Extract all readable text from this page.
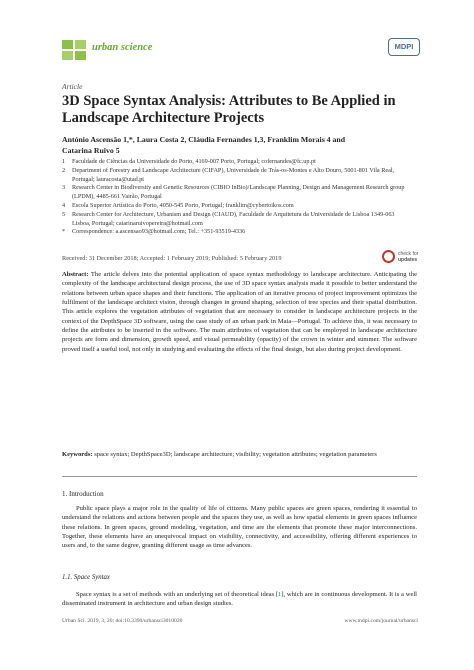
urban science	MDPI
Article
3D Space Syntax Analysis: Attributes to Be Applied in Landscape Architecture Projects
António Ascensão 1,*, Laura Costa 2, Cláudia Fernandes 1,3, Franklim Morais 4 and
Catarina Ruivo 5
1 Faculdade de Ciências da Universidade do Porto, 4169-007 Porto, Portugal; cofernandes@fc.up.pt
2 Department of Forestry and Landscape Architecture (CIFAP), Universidade de Trás-os-Montes e Alto Douro, 5001-801 Vila Real, Portugal; lauracosta@utad.pt
3 Research Center in Biodiversity and Genetic Resources (CIBIO InBio)/Landscape Planning, Design and Management Research group (LPDM), 4485-661 Vairão, Portugal
4 Escola Superior Artística do Porto, 4050-545 Porto, Portugal; franklim@cybertoikos.com
5 Research Center for Architecture, Urbanism and Design (CIAUD), Faculdade de Arquitetura da Universidade de Lisboa 1349-063 Lisboa, Portugal; catarinaruivopereira@hotmail.com
* Correspondence: a.ascensao93@hotmail.com; Tel.: +351-93519-4336
check for
updates
Received: 31 December 2018; Accepted: 1 February 2019; Published: 5 February 2019
Abstract: The article delves into the potential application of space syntax methodology to landscape architecture. Anticipating the complexity of the landscape architectural design process, the use of 3D space syntax analysis made it possible to better understand the relations between urban space shapes and their functions. The application of an iterative process of project improvement optimizes the fulfilment of the landscape architect vision, through changes in ground shaping, selection of tree species and their spatial distribution. This article explores the vegetation attributes of vegetation that are necessary to consider in landscape architecture projects in the context of the DepthSpace 3D software, using the case study of an urban park in Maia—Portugal. To achieve this, it was necessary to define the attributes to be inserted in the software. The main attributes of vegetation that can be employed in landscape architecture projects are form and dimension, growth speed, and visual permeability (opacity) of the crown in winter and summer. The software proved itself a useful tool, not only in studying and evaluating the effects of the final design, but also during project development.
Keywords: space syntax; DepthSpace3D; landscape architecture; visibility; vegetation attributes; vegetation parameters
1. Introduction
Public space plays a major role in the quality of life of citizens. Many public spaces are green spaces, rendering it essential to understand the relations and actions between people and the spaces they use, as well as how spatial elements in green spaces influence these relations. In green spaces, ground modeling, vegetation, and time are the elements that promote these major interconnections. Together, these elements have an unequivocal impact on visibility, connectivity, and accessibility, offering different experiences to users and, to the same degree, granting different usage as time advances.
1.1. Space Syntax
Space syntax is a set of methods with an underlying set of theoretical ideas [1], which are in continuous development. It is a well disseminated instrument in architecture and urban design studies.
Urban Sci. 2019, 3, 20; doi:10.3390/urbansci3010020	www.mdpi.com/journal/urbansci
